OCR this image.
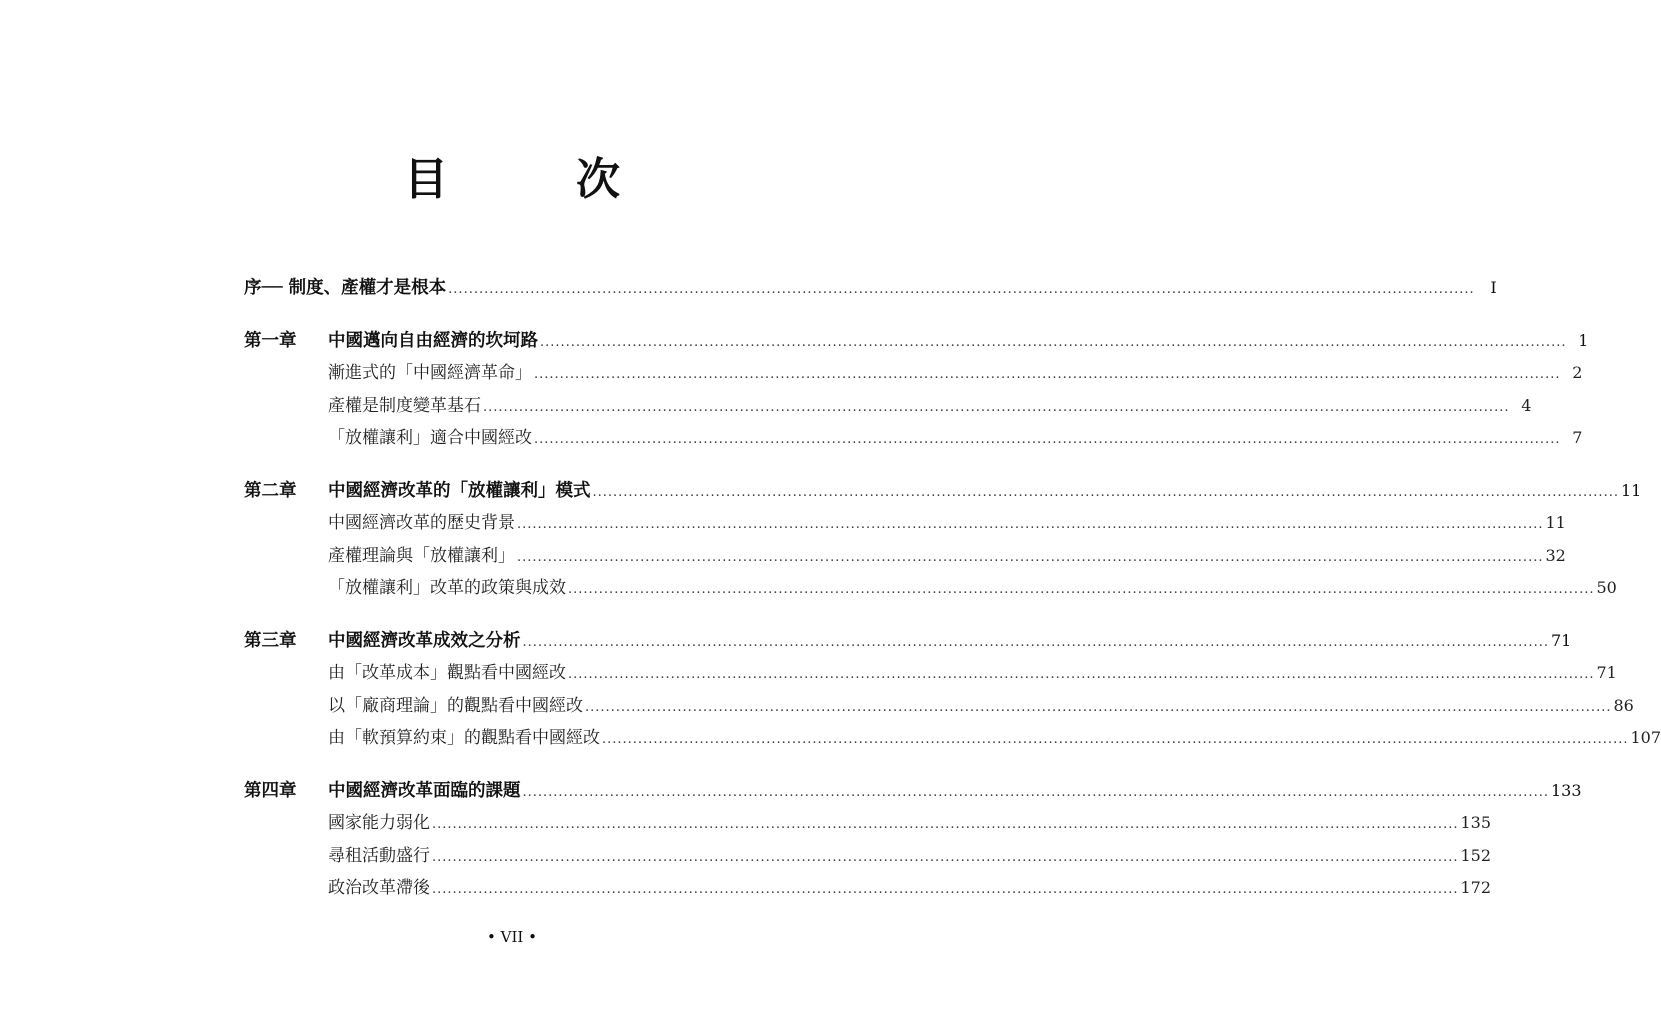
目　次
序── 制度、產權才是根本 ........................................................................................................................................................................................................ I
第一章	中國邁向自由經濟的坎坷路 ........................................................................................................................................................................................................ 1
漸進式的「中國經濟革命」 ........................................................................................................................................................................................................ 2
產權是制度變革基石 ........................................................................................................................................................................................................ 4
「放權讓利」適合中國經改 ........................................................................................................................................................................................................ 7
第二章	中國經濟改革的「放權讓利」模式 ........................................................................................................................................................................................................ 11
中國經濟改革的歷史背景 ........................................................................................................................................................................................................ 11
產權理論與「放權讓利」 ........................................................................................................................................................................................................ 32
「放權讓利」改革的政策與成效 ........................................................................................................................................................................................................ 50
第三章	中國經濟改革成效之分析 ........................................................................................................................................................................................................ 71
由「改革成本」觀點看中國經改 ........................................................................................................................................................................................................ 71
以「廠商理論」的觀點看中國經改 ........................................................................................................................................................................................................ 86
由「軟預算約束」的觀點看中國經改 ........................................................................................................................................................................................................ 107
第四章	中國經濟改革面臨的課題 ........................................................................................................................................................................................................ 133
國家能力弱化 ........................................................................................................................................................................................................ 135
尋租活動盛行 ........................................................................................................................................................................................................ 152
政治改革滯後 ........................................................................................................................................................................................................ 172
• VII •
